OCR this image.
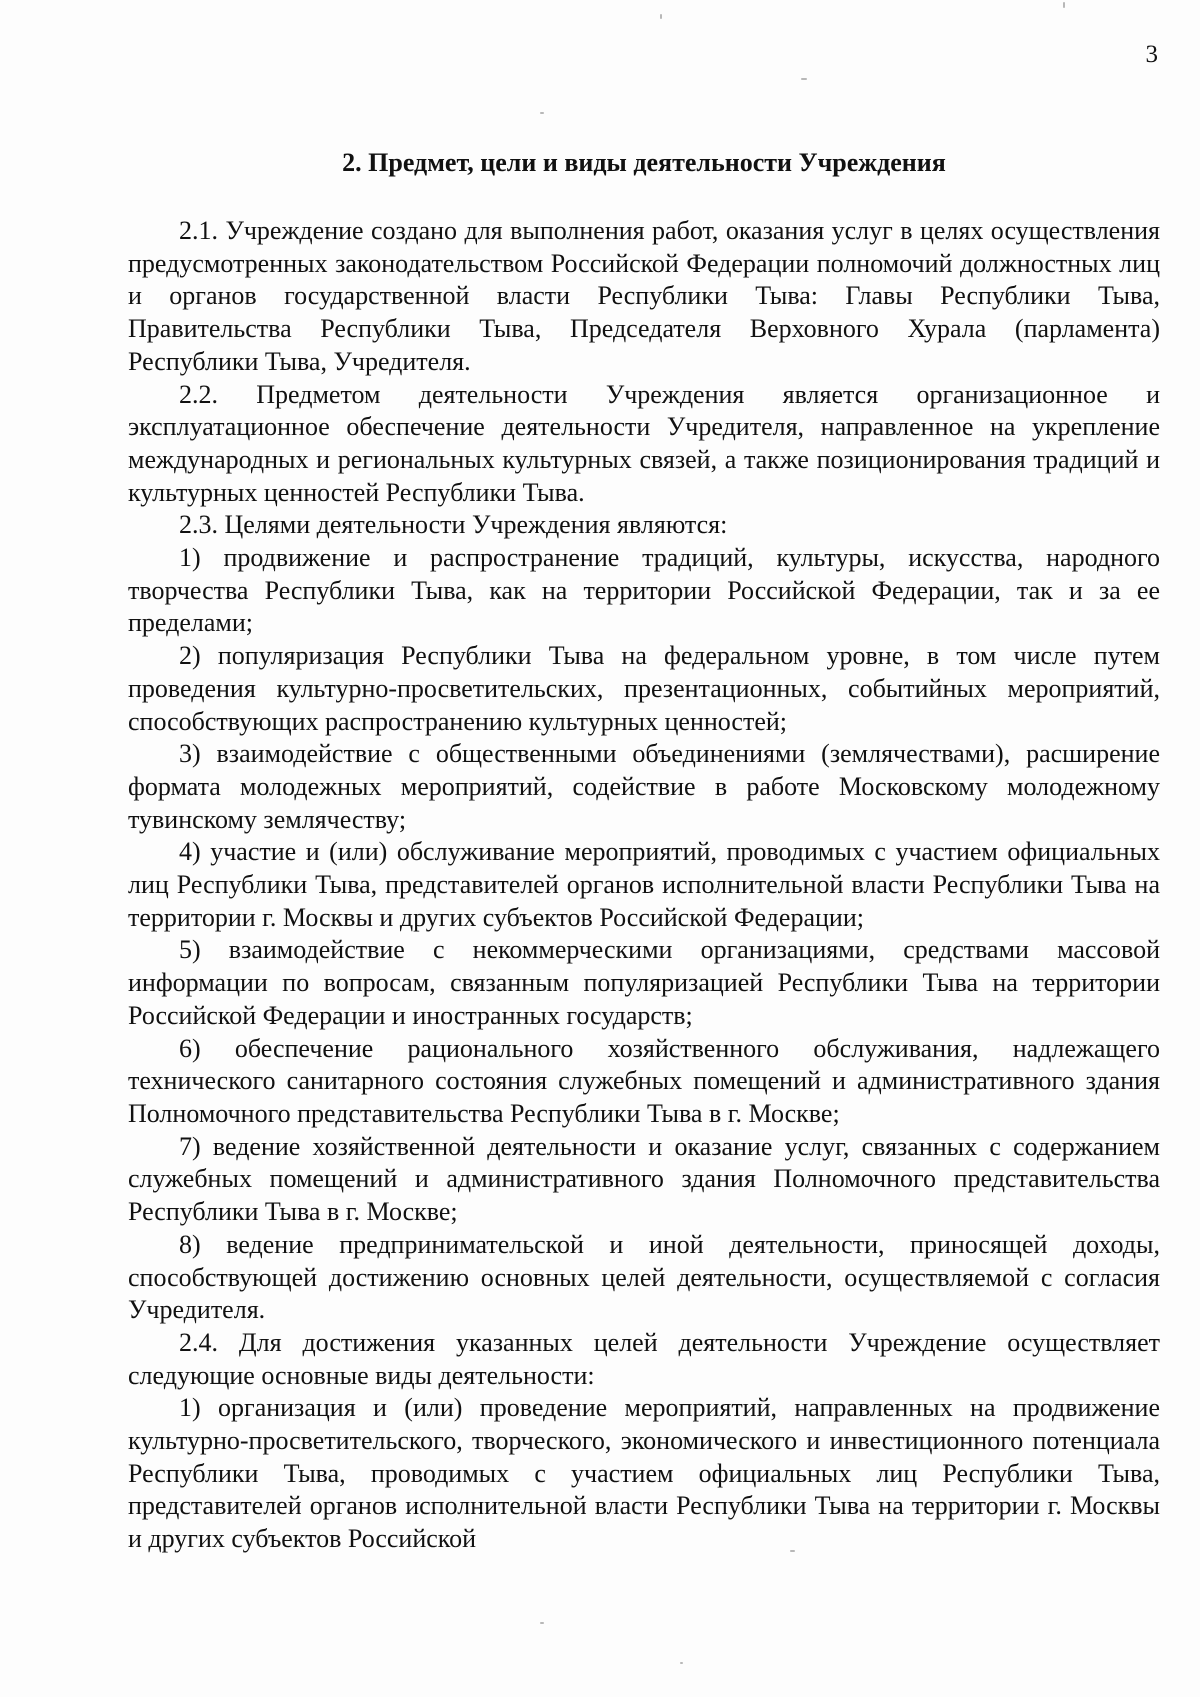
3
2. Предмет, цели и виды деятельности Учреждения

2.1. Учреждение создано для выполнения работ, оказания услуг в целях осуществления предусмотренных законодательством Российской Федерации полномочий должностных лиц и органов государственной власти Республики Тыва: Главы Республики Тыва, Правительства Республики Тыва, Председателя Верховного Хурала (парламента) Республики Тыва, Учредителя.

2.2. Предметом деятельности Учреждения является организационное и эксплуатационное обеспечение деятельности Учредителя, направленное на укрепление международных и региональных культурных связей, а также позиционирования традиций и культурных ценностей Республики Тыва.

2.3. Целями деятельности Учреждения являются:

1) продвижение и распространение традиций, культуры, искусства, народного творчества Республики Тыва, как на территории Российской Федерации, так и за ее пределами;

2) популяризация Республики Тыва на федеральном уровне, в том числе путем проведения культурно-просветительских, презентационных, событийных мероприятий, способствующих распространению культурных ценностей;

3) взаимодействие с общественными объединениями (землячествами), расширение формата молодежных мероприятий, содействие в работе Московскому молодежному тувинскому землячеству;

4) участие и (или) обслуживание мероприятий, проводимых с участием официальных лиц Республики Тыва, представителей органов исполнительной власти Республики Тыва на территории г. Москвы и других субъектов Российской Федерации;

5) взаимодействие с некоммерческими организациями, средствами массовой информации по вопросам, связанным популяризацией Республики Тыва на территории Российской Федерации и иностранных государств;

6) обеспечение рационального хозяйственного обслуживания, надлежащего технического санитарного состояния служебных помещений и административного здания Полномочного представительства Республики Тыва в г. Москве;

7) ведение хозяйственной деятельности и оказание услуг, связанных с содержанием служебных помещений и административного здания Полномочного представительства Республики Тыва в г. Москве;

8) ведение предпринимательской и иной деятельности, приносящей доходы, способствующей достижению основных целей деятельности, осуществляемой с согласия Учредителя.

2.4. Для достижения указанных целей деятельности Учреждение осуществляет следующие основные виды деятельности:

1) организация и (или) проведение мероприятий, направленных на продвижение культурно-просветительского, творческого, экономического и инвестиционного потенциала Республики Тыва, проводимых с участием официальных лиц Республики Тыва, представителей органов исполнительной власти Республики Тыва на территории г. Москвы и других субъектов Российской
